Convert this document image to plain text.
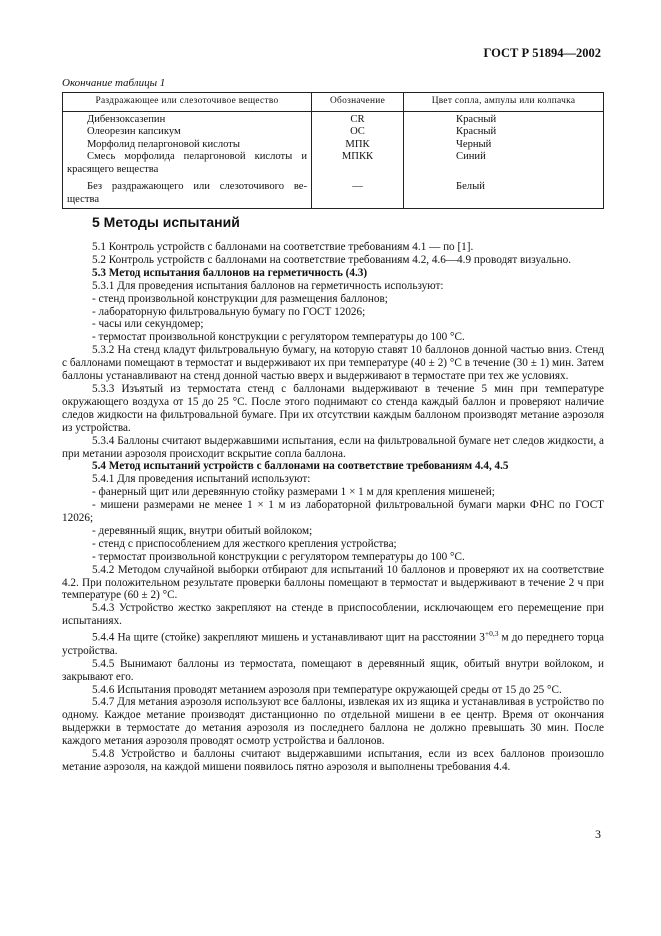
ГОСТ Р 51894—2002
Окончание таблицы 1
Раздражающее или слезоточивое вещество	Обозначение	Цвет сопла, ампулы или колпачка
Дибензоксазепин	CR	Красный
Олеорезин капсикум	OC	Красный
Морфолид пеларгоновой кислоты	МПК	Черный

Смесь морфолида пеларгоновой кислоты и
красящего вещества	МПКК	Синий

Без раздражающего или слезоточивого ве-
щества	—	Белый
5 Методы испытаний

5.1 Контроль устройств с баллонами на соответствие требованиям 4.1 — по [1].

5.2 Контроль устройств с баллонами на соответствие требованиям 4.2, 4.6—4.9 проводят визуально.

5.3 Метод испытания баллонов на герметичность (4.3)

5.3.1 Для проведения испытания баллонов на герметичность используют:

- стенд произвольной конструкции для размещения баллонов;

- лабораторную фильтровальную бумагу по ГОСТ 12026;

- часы или секундомер;

- термостат произвольной конструкции с регулятором температуры до 100 °С.

5.3.2 На стенд кладут фильтровальную бумагу, на которую ставят 10 баллонов донной частью вниз. Стенд с баллонами помещают в термостат и выдерживают их при температуре (40 ± 2) °С в течение (30 ± 1) мин. Затем баллоны устанавливают на стенд донной частью вверх и выдерживают в термостате при тех же условиях.

5.3.3 Изъятый из термостата стенд с баллонами выдерживают в течение 5 мин при температуре окружающего воздуха от 15 до 25 °С. После этого поднимают со стенда каждый баллон и проверяют наличие следов жидкости на фильтровальной бумаге. При их отсутствии каждым баллоном производят метание аэрозоля из устройства.

5.3.4 Баллоны считают выдержавшими испытания, если на фильтровальной бумаге нет следов жидкости, а при метании аэрозоля происходит вскрытие сопла баллона.

5.4 Метод испытаний устройств с баллонами на соответствие требованиям 4.4, 4.5

5.4.1 Для проведения испытаний используют:

- фанерный щит или деревянную стойку размерами 1 × 1 м для крепления мишеней;

- мишени размерами не менее 1 × 1 м из лабораторной фильтровальной бумаги марки ФНС по ГОСТ 12026;

- деревянный ящик, внутри обитый войлоком;

- стенд с приспособлением для жесткого крепления устройства;

- термостат произвольной конструкции с регулятором температуры до 100 °С.

5.4.2 Методом случайной выборки отбирают для испытаний 10 баллонов и проверяют их на соответствие 4.2. При положительном результате проверки баллоны помещают в термостат и выдерживают в течение 2 ч при температуре (60 ± 2) °С.

5.4.3 Устройство жестко закрепляют на стенде в приспособлении, исключающем его перемещение при испытаниях.

5.4.4 На щите (стойке) закрепляют мишень и устанавливают щит на расстоянии $3^{+0,3}$ м до переднего торца устройства.

5.4.5 Вынимают баллоны из термостата, помещают в деревянный ящик, обитый внутри войлоком, и закрывают его.

5.4.6 Испытания проводят метанием аэрозоля при температуре окружающей среды от 15 до 25 °С.

5.4.7 Для метания аэрозоля используют все баллоны, извлекая их из ящика и устанавливая в устройство по одному. Каждое метание производят дистанционно по отдельной мишени в ее центр. Время от окончания выдержки в термостате до метания аэрозоля из последнего баллона не должно превышать 30 мин. После каждого метания аэрозоля проводят осмотр устройства и баллонов.

5.4.8 Устройство и баллоны считают выдержавшими испытания, если из всех баллонов произошло метание аэрозоля, на каждой мишени появилось пятно аэрозоля и выполнены требования 4.4.

3
